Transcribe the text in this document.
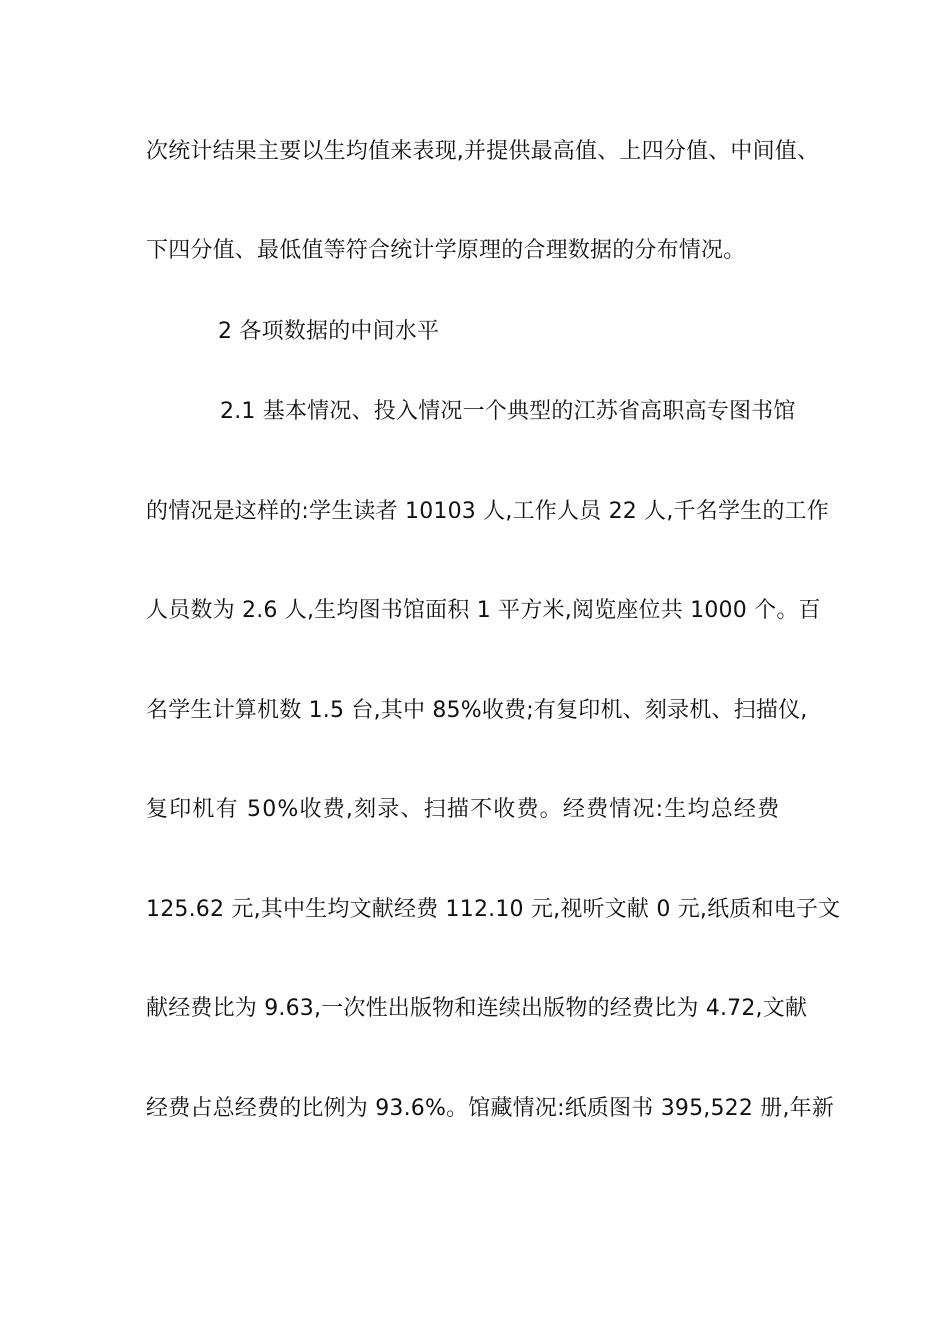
次统计结果主要以生均值来表现,并提供最高值、上四分值、中间值、
下四分值、最低值等符合统计学原理的合理数据的分布情况。
2 各项数据的中间水平
2.1 基本情况、投入情况一个典型的江苏省高职高专图书馆
的情况是这样的:学生读者 10103 人,工作人员 22 人,千名学生的工作
人员数为 2.6 人,生均图书馆面积 1 平方米,阅览座位共 1000 个。百
名学生计算机数 1.5 台,其中 85%收费;有复印机、刻录机、扫描仪,
复印机有 50%收费,刻录、扫描不收费。经费情况:生均总经费
125.62 元,其中生均文献经费 112.10 元,视听文献 0 元,纸质和电子文
献经费比为 9.63,一次性出版物和连续出版物的经费比为 4.72,文献
经费占总经费的比例为 93.6%。馆藏情况:纸质图书 395,522 册,年新
